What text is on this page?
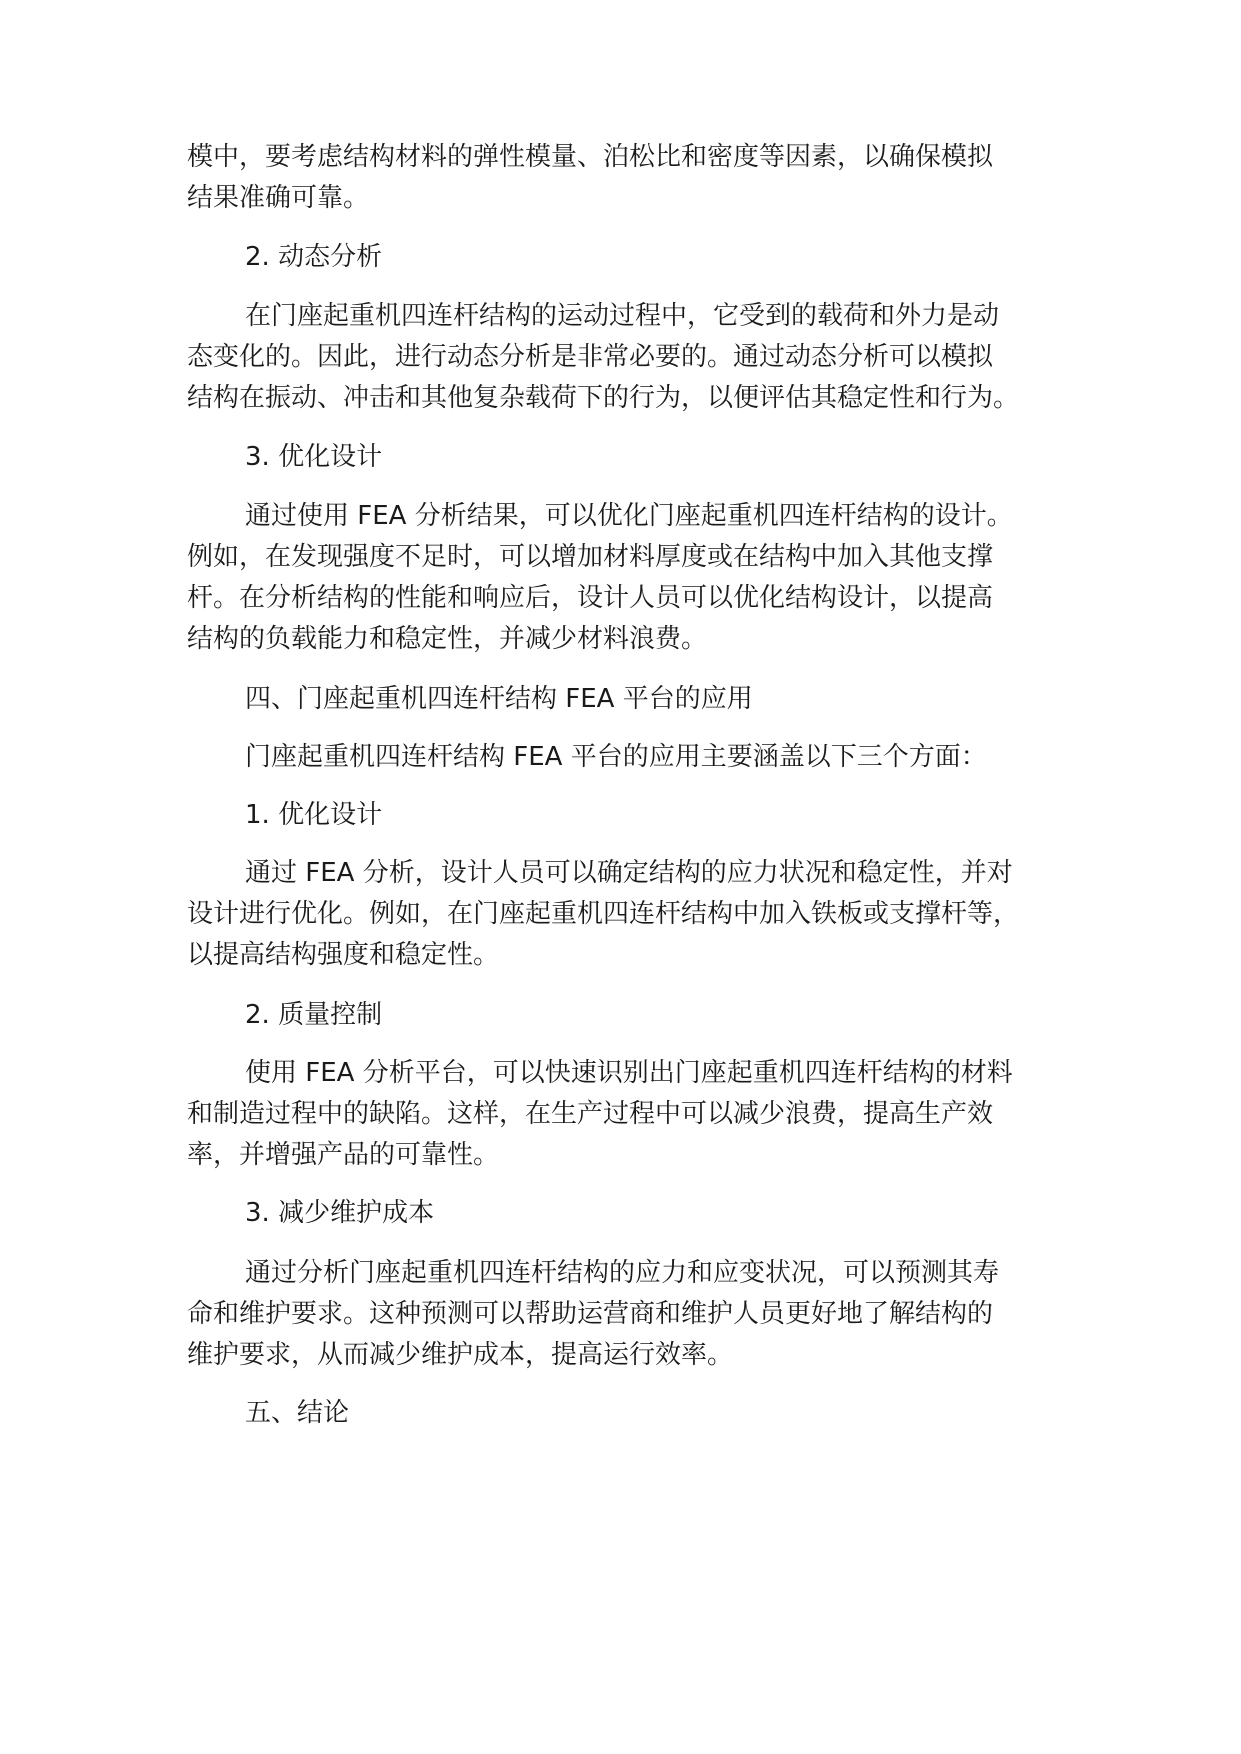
模中，要考虑结构材料的弹性模量、泊松比和密度等因素，以确保模拟
结果准确可靠。
2. 动态分析
在门座起重机四连杆结构的运动过程中，它受到的载荷和外力是动
态变化的。因此，进行动态分析是非常必要的。通过动态分析可以模拟
结构在振动、冲击和其他复杂载荷下的行为，以便评估其稳定性和行为。
3. 优化设计
通过使用 FEA 分析结果，可以优化门座起重机四连杆结构的设计。
例如，在发现强度不足时，可以增加材料厚度或在结构中加入其他支撑
杆。在分析结构的性能和响应后，设计人员可以优化结构设计，以提高
结构的负载能力和稳定性，并减少材料浪费。
四、门座起重机四连杆结构 FEA 平台的应用
门座起重机四连杆结构 FEA 平台的应用主要涵盖以下三个方面：
1. 优化设计
通过 FEA 分析，设计人员可以确定结构的应力状况和稳定性，并对
设计进行优化。例如，在门座起重机四连杆结构中加入铁板或支撑杆等，
以提高结构强度和稳定性。
2. 质量控制
使用 FEA 分析平台，可以快速识别出门座起重机四连杆结构的材料
和制造过程中的缺陷。这样，在生产过程中可以减少浪费，提高生产效
率，并增强产品的可靠性。
3. 减少维护成本
通过分析门座起重机四连杆结构的应力和应变状况，可以预测其寿
命和维护要求。这种预测可以帮助运营商和维护人员更好地了解结构的
维护要求，从而减少维护成本，提高运行效率。
五、结论
